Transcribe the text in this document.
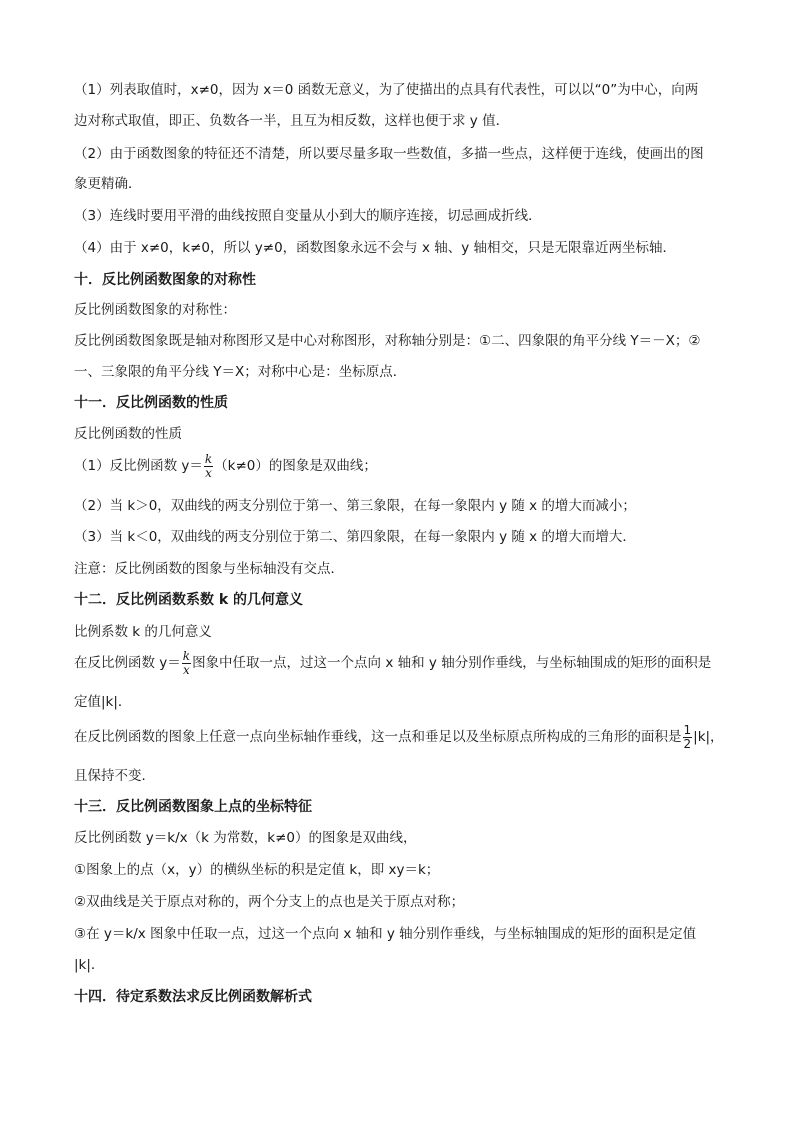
（1）列表取值时，x≠0，因为 x＝0 函数无意义，为了使描出的点具有代表性，可以以“0”为中心，向两
边对称式取值，即正、负数各一半，且互为相反数，这样也便于求 y 值．
（2）由于函数图象的特征还不清楚，所以要尽量多取一些数值，多描一些点，这样便于连线，使画出的图
象更精确．
（3）连线时要用平滑的曲线按照自变量从小到大的顺序连接，切忌画成折线．
（4）由于 x≠0，k≠0，所以 y≠0，函数图象永远不会与 x 轴、y 轴相交，只是无限靠近两坐标轴．
十．反比例函数图象的对称性
反比例函数图象的对称性：
反比例函数图象既是轴对称图形又是中心对称图形，对称轴分别是：①二、四象限的角平分线 Y＝－X；②
一、三象限的角平分线 Y＝X；对称中心是：坐标原点．
十一．反比例函数的性质
反比例函数的性质
（1）反比例函数 $y= \frac{k}{x} (k\ne 0)$的图象是双曲线；
（2）当 k＞0，双曲线的两支分别位于第一、第三象限，在每一象限内 y 随 x 的增大而减小；
（3）当 k＜0，双曲线的两支分别位于第二、第四象限，在每一象限内 y 随 x 的增大而增大．
注意：反比例函数的图象与坐标轴没有交点．
十二．反比例函数系数 k 的几何意义
比例系数 k 的几何意义
在反比例函数 $y= \frac{k}{x}$ 图象中任取一点，过这一个点向 x 轴和 y 轴分别作垂线，与坐标轴围成的矩形的面积是
定值|k|．
在反比例函数的图象上任意一点向坐标轴作垂线，这一点和垂足以及坐标原点所构成的三角形的面积是 $\frac{1}{2} |k|$，
且保持不变．
十三．反比例函数图象上点的坐标特征
反比例函数 y＝k/x（k 为常数，k≠0）的图象是双曲线，
①图象上的点（x，y）的横纵坐标的积是定值 k，即 xy＝k；
②双曲线是关于原点对称的，两个分支上的点也是关于原点对称；
③在 y＝k/x 图象中任取一点，过这一个点向 x 轴和 y 轴分别作垂线，与坐标轴围成的矩形的面积是定值
|k|．
十四．待定系数法求反比例函数解析式
